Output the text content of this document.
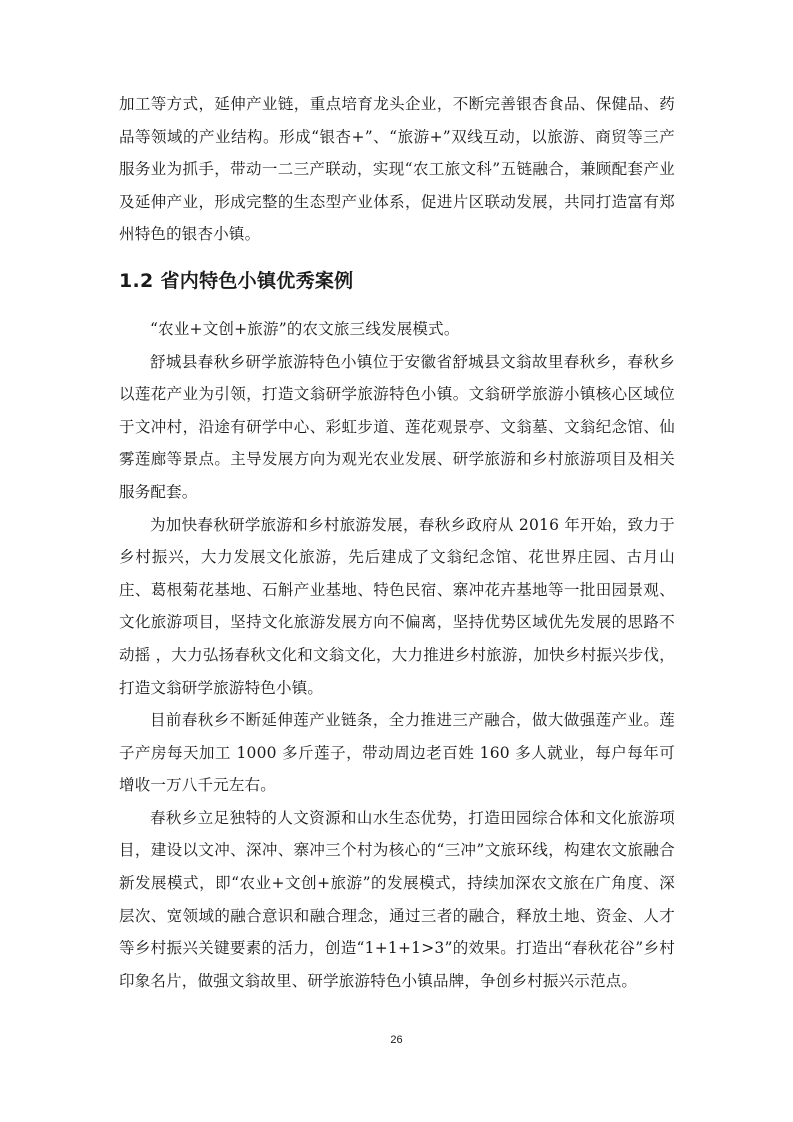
加工等方式，延伸产业链，重点培育龙头企业，不断完善银杏食品、保健品、药品等领域的产业结构。形成“银杏+”、“旅游+”双线互动，以旅游、商贸等三产服务业为抓手，带动一二三产联动，实现“农工旅文科”五链融合，兼顾配套产业及延伸产业，形成完整的生态型产业体系，促进片区联动发展，共同打造富有郑州特色的银杏小镇。

1.2 省内特色小镇优秀案例

“农业+文创+旅游”的农文旅三线发展模式。

舒城县春秋乡研学旅游特色小镇位于安徽省舒城县文翁故里春秋乡，春秋乡以莲花产业为引领，打造文翁研学旅游特色小镇。文翁研学旅游小镇核心区域位于文冲村，沿途有研学中心、彩虹步道、莲花观景亭、文翁墓、文翁纪念馆、仙雾莲廊等景点。主导发展方向为观光农业发展、研学旅游和乡村旅游项目及相关服务配套。

为加快春秋研学旅游和乡村旅游发展，春秋乡政府从 2016 年开始，致力于乡村振兴，大力发展文化旅游，先后建成了文翁纪念馆、花世界庄园、古月山庄、葛根菊花基地、石斛产业基地、特色民宿、寨冲花卉基地等一批田园景观、文化旅游项目，坚持文化旅游发展方向不偏离，坚持优势区域优先发展的思路不动摇 ，大力弘扬春秋文化和文翁文化，大力推进乡村旅游，加快乡村振兴步伐，打造文翁研学旅游特色小镇。

目前春秋乡不断延伸莲产业链条，全力推进三产融合，做大做强莲产业。莲子产房每天加工 1000 多斤莲子，带动周边老百姓 160 多人就业，每户每年可增收一万八千元左右。

春秋乡立足独特的人文资源和山水生态优势，打造田园综合体和文化旅游项目，建设以文冲、深冲、寨冲三个村为核心的“三冲”文旅环线，构建农文旅融合新发展模式，即“农业+文创+旅游”的发展模式，持续加深农文旅在广角度、深层次、宽领域的融合意识和融合理念，通过三者的融合，释放土地、资金、人才等乡村振兴关键要素的活力，创造“1+1+1>3”的效果。打造出“春秋花谷”乡村印象名片，做强文翁故里、研学旅游特色小镇品牌，争创乡村振兴示范点。

26
